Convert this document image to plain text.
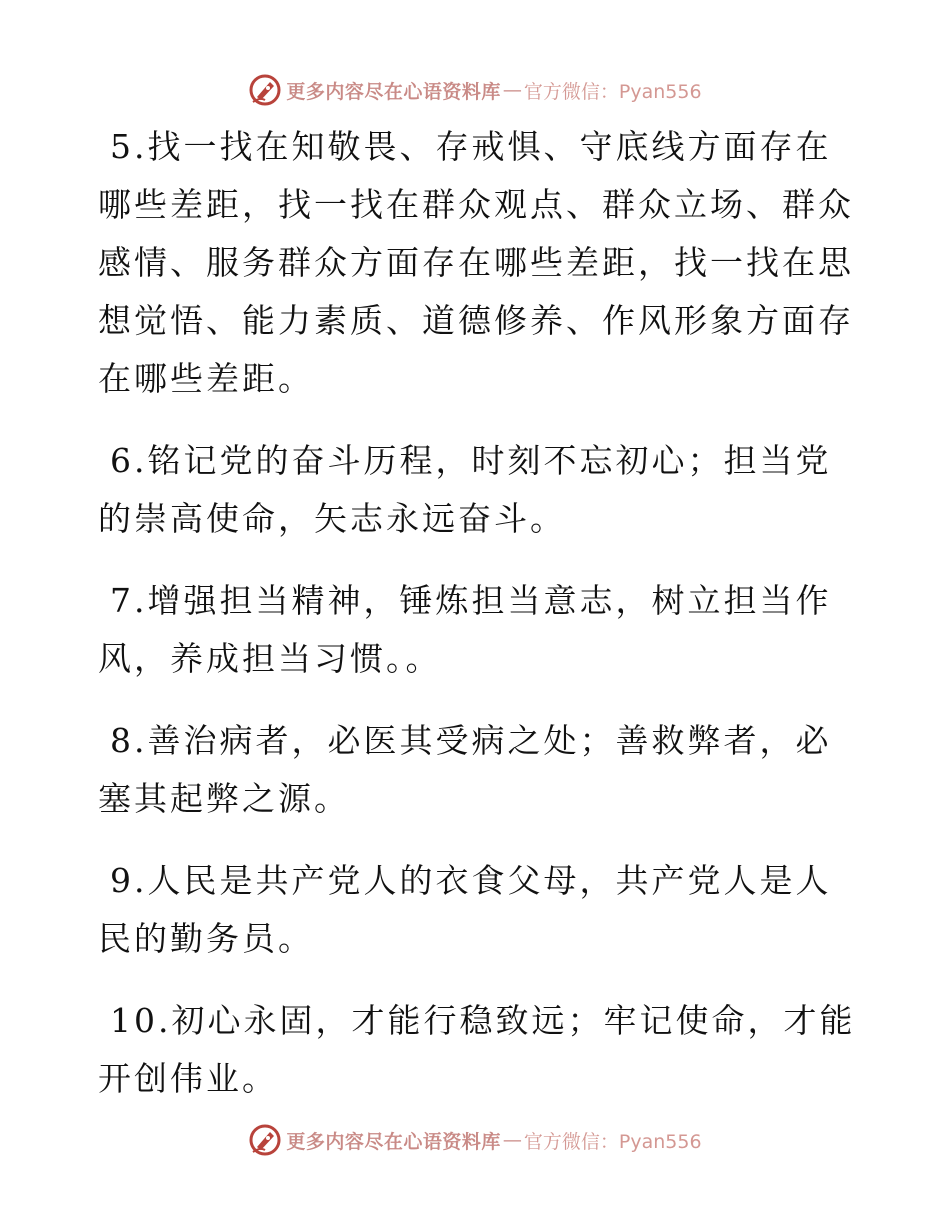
更多内容尽在心语资料库 — 官方微信：Pyan556

5.找一找在知敬畏、存戒惧、守底线方面存在哪些差距，找一找在群众观点、群众立场、群众感情、服务群众方面存在哪些差距，找一找在思想觉悟、能力素质、道德修养、作风形象方面存在哪些差距。

6.铭记党的奋斗历程，时刻不忘初心；担当党的崇高使命，矢志永远奋斗。

7.增强担当精神，锤炼担当意志，树立担当作风，养成担当习惯。。

8.善治病者，必医其受病之处；善救弊者，必塞其起弊之源。

9.人民是共产党人的衣食父母，共产党人是人民的勤务员。

10.初心永固，才能行稳致远；牢记使命，才能开创伟业。

更多内容尽在心语资料库 — 官方微信：Pyan556
